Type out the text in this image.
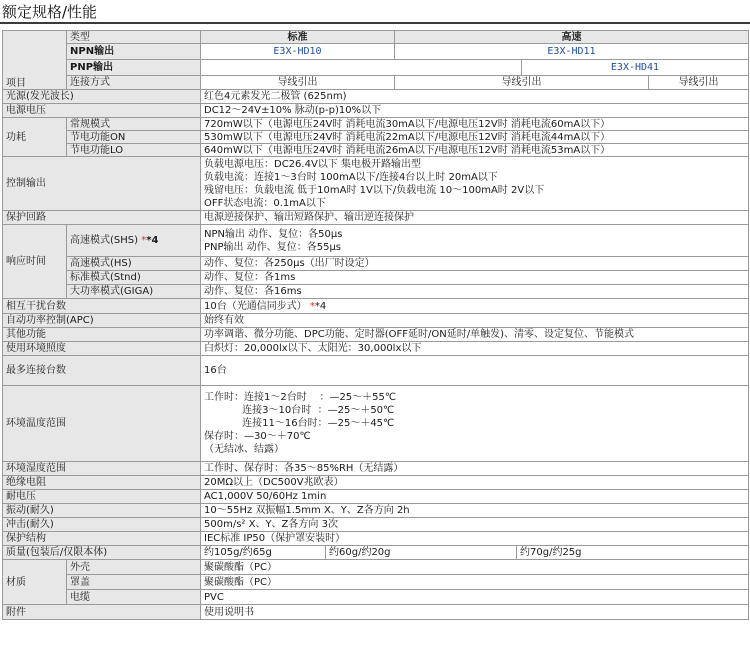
额定规格/性能
项目	类型	标准		高速			
	NPN输出	E3X-HD10		E3X-HD11			
	PNP输出					E3X-HD41	
	连接方式	导线引出		导线引出			导线引出
光源(发光波长)		红色4元素发光二极管 (625nm)					
电源电压		DC12～24V±10% 脉动(p-p)10%以下					
功耗	常规模式	720mW以下（电源电压24V时 消耗电流30mA以下/电源电压12V时 消耗电流60mA以下）					
	节电功能ON	530mW以下（电源电压24V时 消耗电流22mA以下/电源电压12V时 消耗电流44mA以下）					
	节电功能LO	640mW以下（电源电压24V时 消耗电流26mA以下/电源电压12V时 消耗电流53mA以下）					
控制输出		负载电源电压：DC26.4V以下 集电极开路输出型
负载电流：连接1～3台时 100mA以下/连接4台以上时 20mA以下
残留电压：负载电流 低于10mA时 1V以下/负载电流 10～100mA时 2V以下
OFF状态电流：0.1mA以下					

保护回路		电源逆接保护、输出短路保护、输出逆连接保护					
响应时间	高速模式(SHS) **4	NPN输出 动作、复位：各50μs
PNP输出 动作、复位：各55μs					

	高速模式(HS)	动作、复位：各250μs（出厂时设定）					
	标准模式(Stnd)	动作、复位：各1ms					
	大功率模式(GIGA)	动作、复位：各16ms					
相互干扰台数		10台（光通信同步式） **4					
自动功率控制(APC)		始终有效					
其他功能		功率调谐、微分功能、DPC功能、定时器(OFF延时/ON延时/单触发)、清零、设定复位、节能模式					
使用环境照度		白炽灯：20,000lx以下、太阳光：30,000lx以下					
最多连接台数		16台					
环境温度范围		工作时：连接1～2台时    ：—25～＋55℃
连接3～10台时  ：—25～＋50℃
连接11～16台时：—25～＋45℃
保存时：—30～＋70℃
（无结冰、结露）					

环境湿度范围		工作时、保存时：各35～85%RH（无结露）					
绝缘电阻		20MΩ以上（DC500V兆欧表）					
耐电压		AC1,000V 50/60Hz 1min					
振动(耐久)		10～55Hz 双振幅1.5mm X、Y、Z各方向 2h					
冲击(耐久)		500m/s² X、Y、Z各方向 3次					
保护结构		IEC标准 IP50（保护罩安装时）					
质量(包装后/仅限本体)		约105g/约65g	约60g/约20g		约70g/约25g		
材质	外壳	聚碳酸酯（PC）					
	罩盖	聚碳酸酯（PC）					
	电缆	PVC					
附件		使用说明书					
